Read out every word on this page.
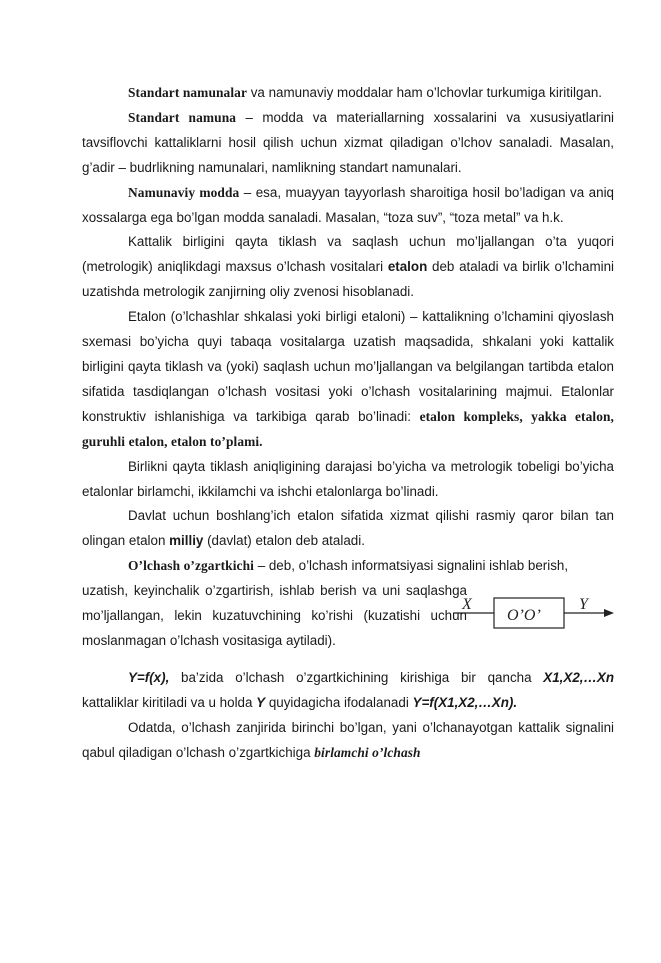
Standart namunalar va namunaviy moddalar ham o’lchovlar turkumiga kiritilgan.

Standart namuna – modda va materiallarning xossalarini va xususiyatlarini tavsiflovchi kattaliklarni hosil qilish uchun xizmat qiladigan o’lchov sanaladi. Masalan, g’adir – budrlikning namunalari, namlikning standart namunalari.

Namunaviy modda – esa, muayyan tayyorlash sharoitiga hosil bo’ladigan va aniq xossalarga ega bo’lgan modda sanaladi. Masalan, “toza suv”, “toza metal” va h.k.

Kattalik birligini qayta tiklash va saqlash uchun mo’ljallangan o’ta yuqori (metrologik) aniqlikdagi maxsus o’lchash vositalari etalon deb ataladi va birlik o’lchamini uzatishda metrologik zanjirning oliy zvenosi hisoblanadi.

Etalon (o’lchashlar shkalasi yoki birligi etaloni) – kattalikning o’lchamini qiyoslash sxemasi bo’yicha quyi tabaqa vositalarga uzatish maqsadida, shkalani yoki kattalik birligini qayta tiklash va (yoki) saqlash uchun mo’ljallangan va belgilangan tartibda etalon sifatida tasdiqlangan o’lchash vositasi yoki o’lchash vositalarining majmui. Etalonlar konstruktiv ishlanishiga va tarkibiga qarab bo’linadi: etalon kompleks, yakka etalon, guruhli etalon, etalon to’plami.

Birlikni qayta tiklash aniqligining darajasi bo’yicha va metrologik tobeligi bo’yicha etalonlar birlamchi, ikkilamchi va ishchi etalonlarga bo’linadi.

Davlat uchun boshlang’ich etalon sifatida xizmat qilishi rasmiy qaror bilan tan olingan etalon milliy (davlat) etalon deb ataladi.

O’lchash o’zgartkichi – deb, o’lchash informatsiyasi signalini ishlab berish,

uzatish, keyinchalik o’zgartirish, ishlab berish va uni saqlashga mo’ljallangan, lekin kuzatuvchining ko’rishi (kuzatishi uchun moslanmagan o’lchash vositasiga aytiladi).

X
O’O’
Y

Y=f(x), ba’zida o’lchash o’zgartkichining kirishiga bir qancha X1,X2,…Xn kattaliklar kiritiladi va u holda Y quyidagicha ifodalanadi Y=f(X1,X2,…Xn).

Odatda, o’lchash zanjirida birinchi bo’lgan, yani o’lchanayotgan kattalik signalini qabul qiladigan o’lchash o’zgartkichiga birlamchi o’lchash
